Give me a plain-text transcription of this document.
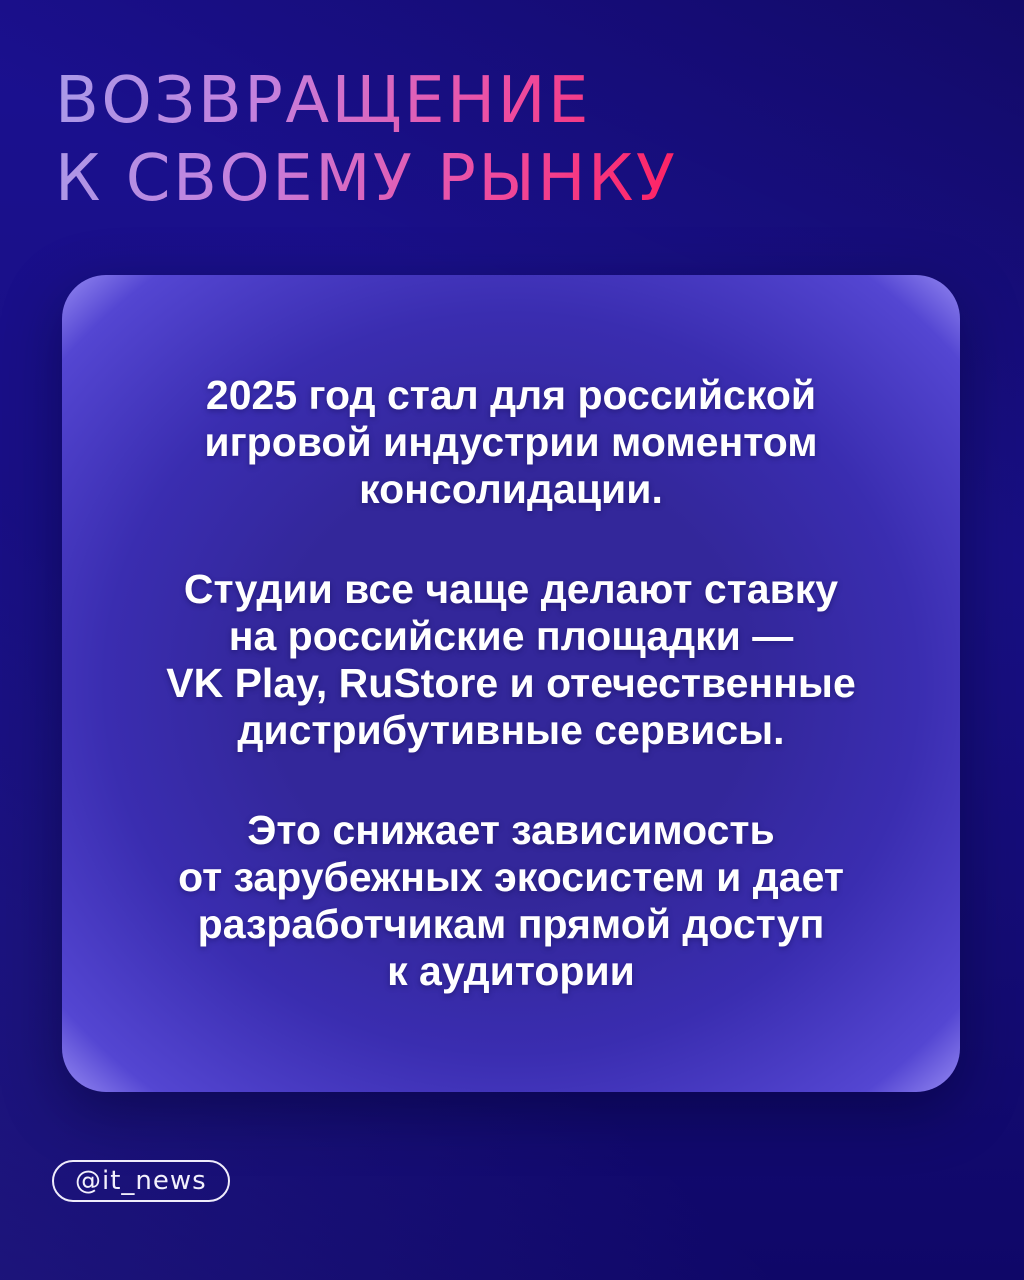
ВОЗВРАЩЕНИЕ
К СВОЕМУ РЫНКУ
2025 год стал для российской
игровой индустрии моментом
консолидации.
Студии все чаще делают ставку
на российские площадки —
VK Play, RuStore и отечественные
дистрибутивные сервисы.
Это снижает зависимость
от зарубежных экосистем и дает
разработчикам прямой доступ
к аудитории
@it_news
